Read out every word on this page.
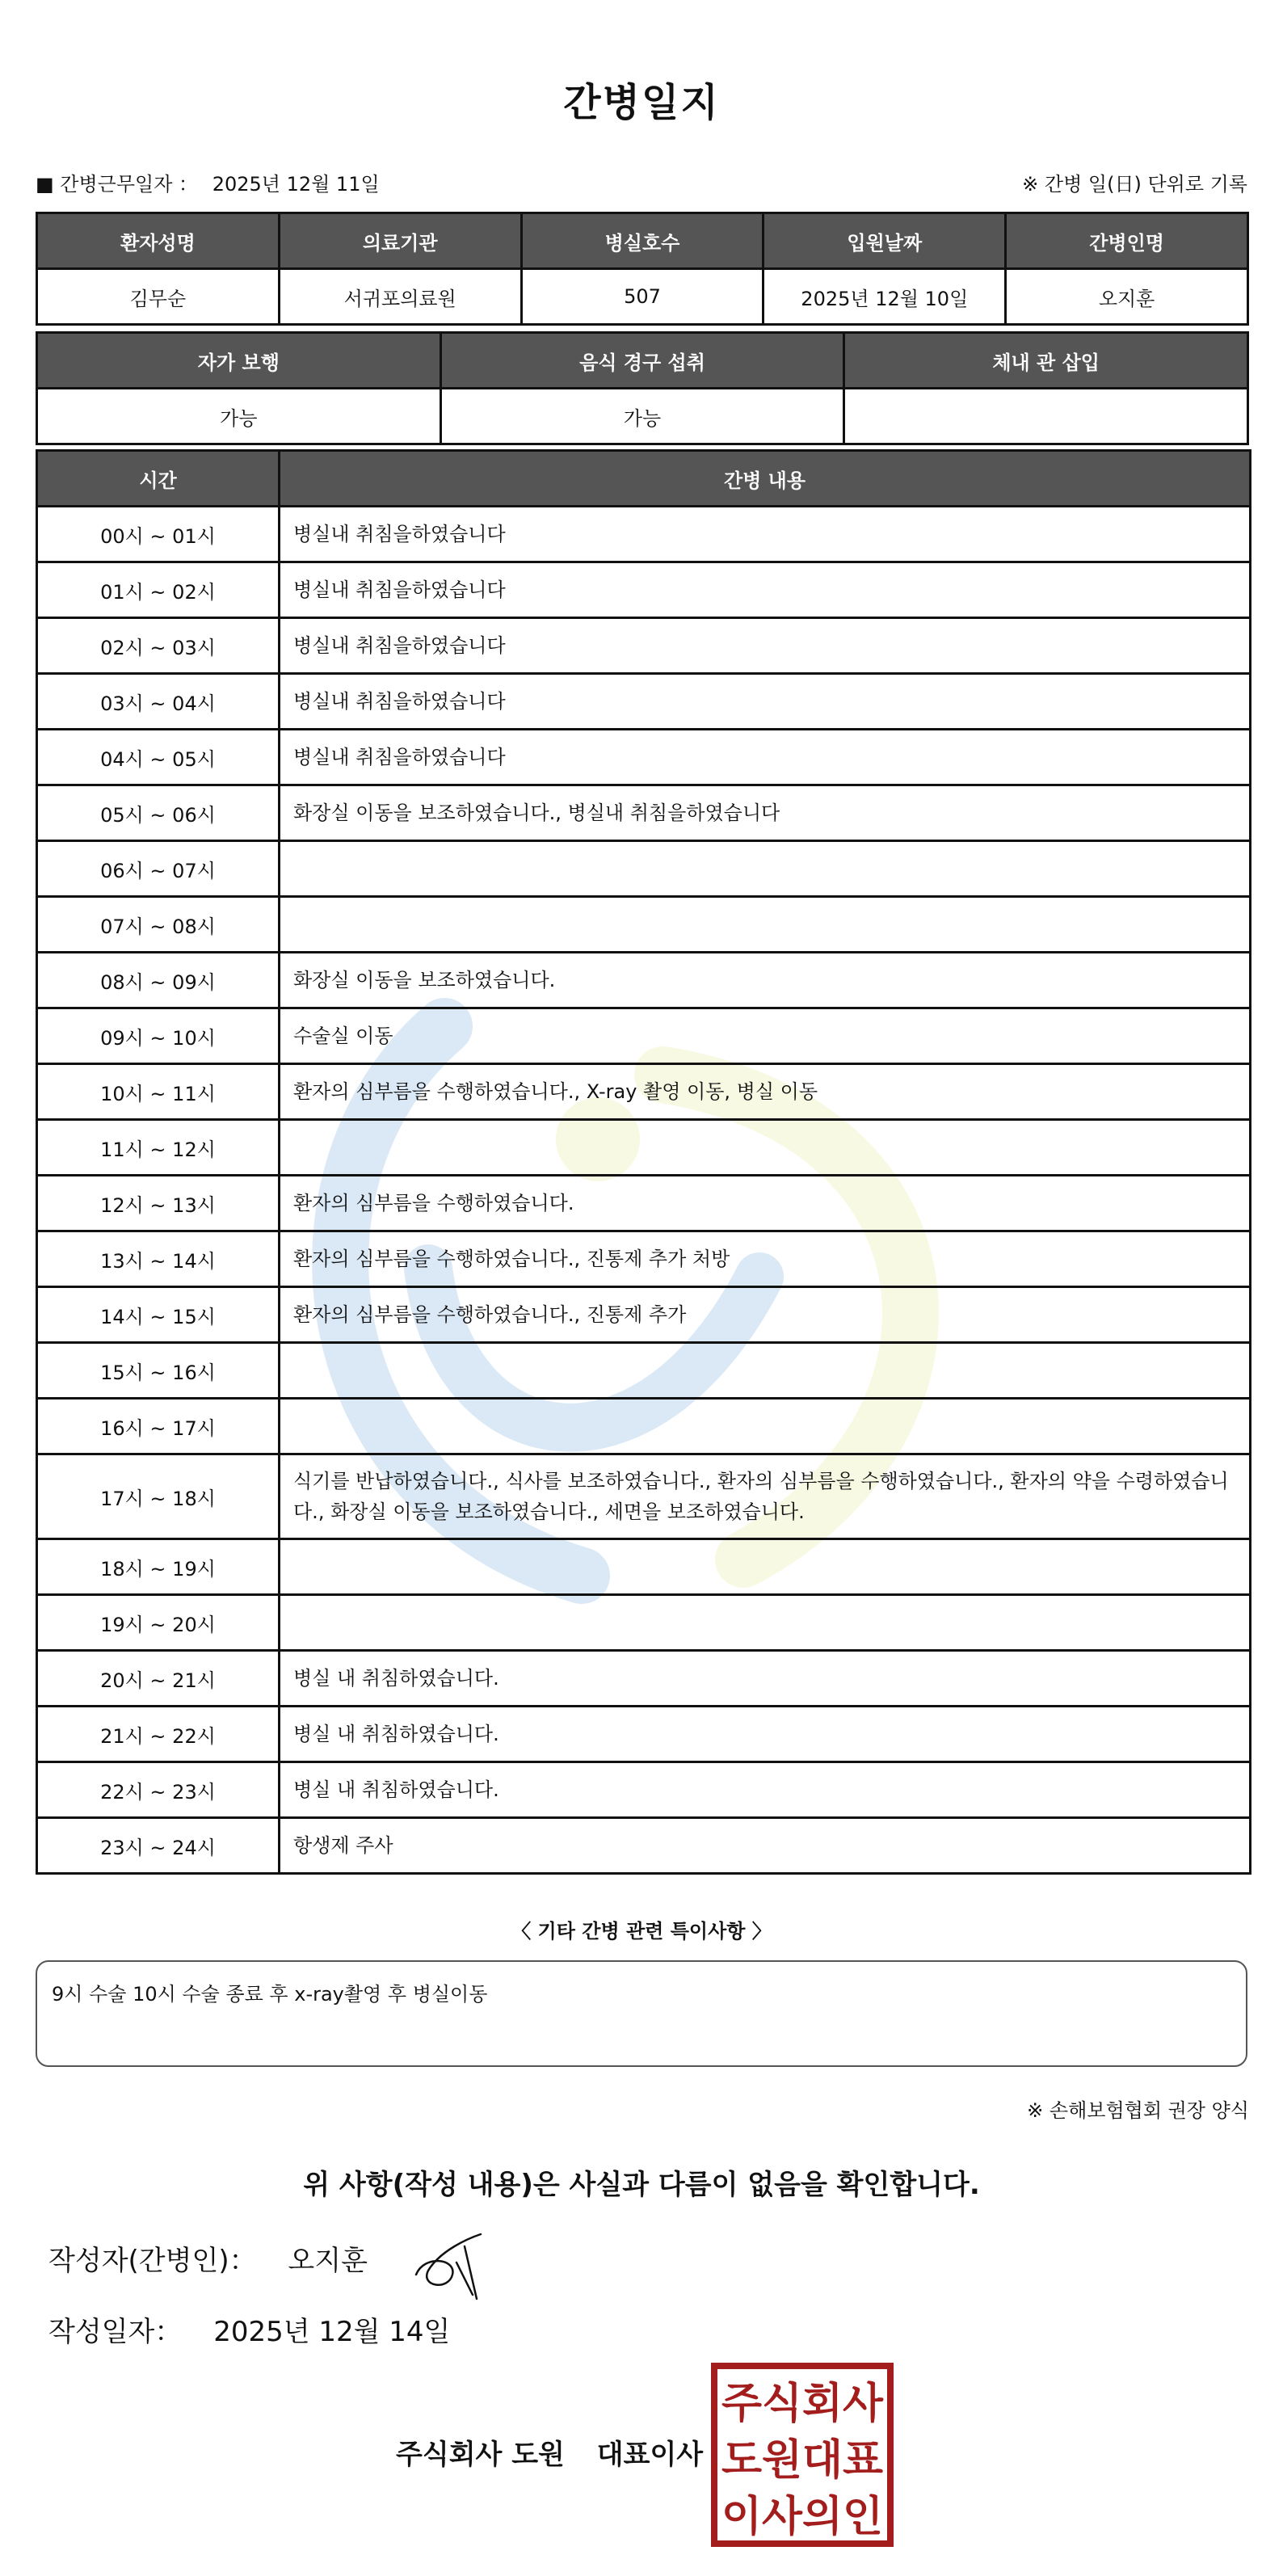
간병일지
■ 간병근무일자 ： 2025년 12월 11일	※ 간병 일(日) 단위로 기록
환자성명	의료기관	병실호수	입원날짜	간병인명
김무순	서귀포의료원	507	2025년 12월 10일	오지훈
자가 보행	음식 경구 섭취	체내 관 삽입
가능	가능	
시간	간병 내용
00시 ~ 01시	병실내 취침을하였습니다
01시 ~ 02시	병실내 취침을하였습니다
02시 ~ 03시	병실내 취침을하였습니다
03시 ~ 04시	병실내 취침을하였습니다
04시 ~ 05시	병실내 취침을하였습니다
05시 ~ 06시	화장실 이동을 보조하였습니다., 병실내 취침을하였습니다
06시 ~ 07시	
07시 ~ 08시	
08시 ~ 09시	화장실 이동을 보조하였습니다.
09시 ~ 10시	수술실 이동
10시 ~ 11시	환자의 심부름을 수행하였습니다., X-ray 촬영 이동, 병실 이동
11시 ~ 12시	
12시 ~ 13시	환자의 심부름을 수행하였습니다.
13시 ~ 14시	환자의 심부름을 수행하였습니다., 진통제 추가 처방
14시 ~ 15시	환자의 심부름을 수행하였습니다., 진통제 추가
15시 ~ 16시	
16시 ~ 17시	
17시 ~ 18시	식기를 반납하였습니다., 식사를 보조하였습니다., 환자의 심부름을 수행하였습니다., 환자의 약을 수령하였습니다., 화장실 이동을 보조하였습니다., 세면을 보조하였습니다.
18시 ~ 19시	
19시 ~ 20시	
20시 ~ 21시	병실 내 취침하였습니다.
21시 ~ 22시	병실 내 취침하였습니다.
22시 ~ 23시	병실 내 취침하였습니다.
23시 ~ 24시	항생제 주사
〈 기타 간병 관련 특이사항 〉
9시 수술 10시 수술 종료 후 x-ray촬영 후 병실이동
※ 손해보험협회 권장 양식
위 사항(작성 내용)은 사실과 다름이 없음을 확인합니다.
작성자(간병인)： 오지훈
작성일자： 2025년 12월 14일
주식회사 도원 대표이사
주식회사
도원대표
이사의인
